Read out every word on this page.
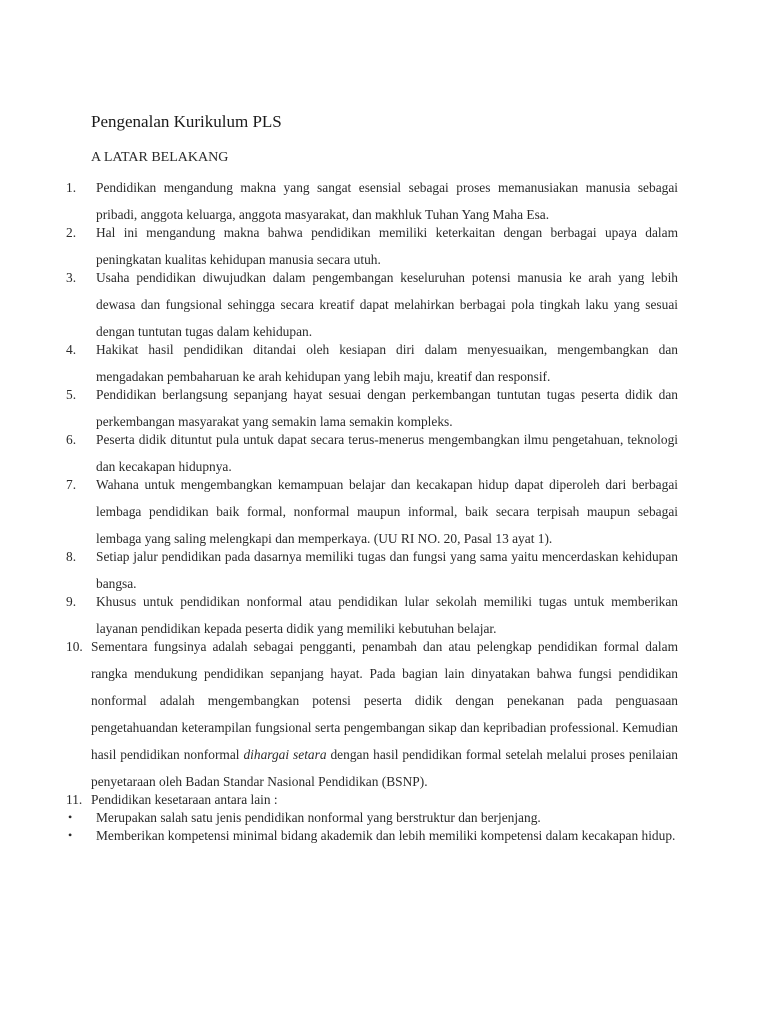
Pengenalan Kurikulum PLS
A LATAR BELAKANG
1.	Pendidikan mengandung makna yang sangat esensial sebagai proses memanusiakan manusia sebagai pribadi, anggota keluarga, anggota masyarakat, dan makhluk Tuhan Yang Maha Esa.
2.	Hal ini mengandung makna bahwa pendidikan memiliki keterkaitan dengan berbagai upaya dalam peningkatan kualitas kehidupan manusia secara utuh.
3.	Usaha pendidikan diwujudkan dalam pengembangan keseluruhan potensi manusia ke arah yang lebih dewasa dan fungsional sehingga secara kreatif dapat melahirkan berbagai pola tingkah laku yang sesuai dengan tuntutan tugas dalam kehidupan.
4.	Hakikat hasil pendidikan ditandai oleh kesiapan diri dalam menyesuaikan, mengembangkan dan mengadakan pembaharuan ke arah kehidupan yang lebih maju, kreatif dan responsif.
5.	Pendidikan berlangsung sepanjang hayat sesuai dengan perkembangan tuntutan tugas peserta didik dan perkembangan masyarakat yang semakin lama semakin kompleks.
6.	Peserta didik dituntut pula untuk dapat secara terus-menerus mengembangkan ilmu pengetahuan, teknologi dan kecakapan hidupnya.
7.	Wahana untuk mengembangkan kemampuan belajar dan kecakapan hidup dapat diperoleh dari berbagai lembaga pendidikan baik formal, nonformal maupun informal, baik secara terpisah maupun sebagai lembaga yang saling melengkapi dan memperkaya. (UU RI NO. 20, Pasal 13 ayat 1).
8.	Setiap jalur pendidikan pada dasarnya memiliki tugas dan fungsi yang sama yaitu mencerdaskan kehidupan bangsa.
9.	Khusus untuk pendidikan nonformal atau pendidikan lular sekolah memiliki tugas untuk memberikan layanan pendidikan kepada peserta didik yang memiliki kebutuhan belajar.
10. Sementara fungsinya adalah sebagai pengganti, penambah dan atau pelengkap pendidikan formal dalam rangka mendukung pendidikan sepanjang hayat. Pada bagian lain dinyatakan bahwa fungsi pendidikan nonformal adalah mengembangkan potensi peserta didik dengan penekanan pada penguasaan pengetahuandan keterampilan fungsional serta pengembangan sikap dan kepribadian professional. Kemudian hasil pendidikan nonformal dihargai setara dengan hasil pendidikan formal setelah melalui proses penilaian penyetaraan oleh Badan Standar Nasional Pendidikan (BSNP).
11. Pendidikan kesetaraan antara lain :
•	Merupakan salah satu jenis pendidikan nonformal yang berstruktur dan berjenjang.
•	Memberikan kompetensi minimal bidang akademik dan lebih memiliki kompetensi dalam kecakapan hidup.
